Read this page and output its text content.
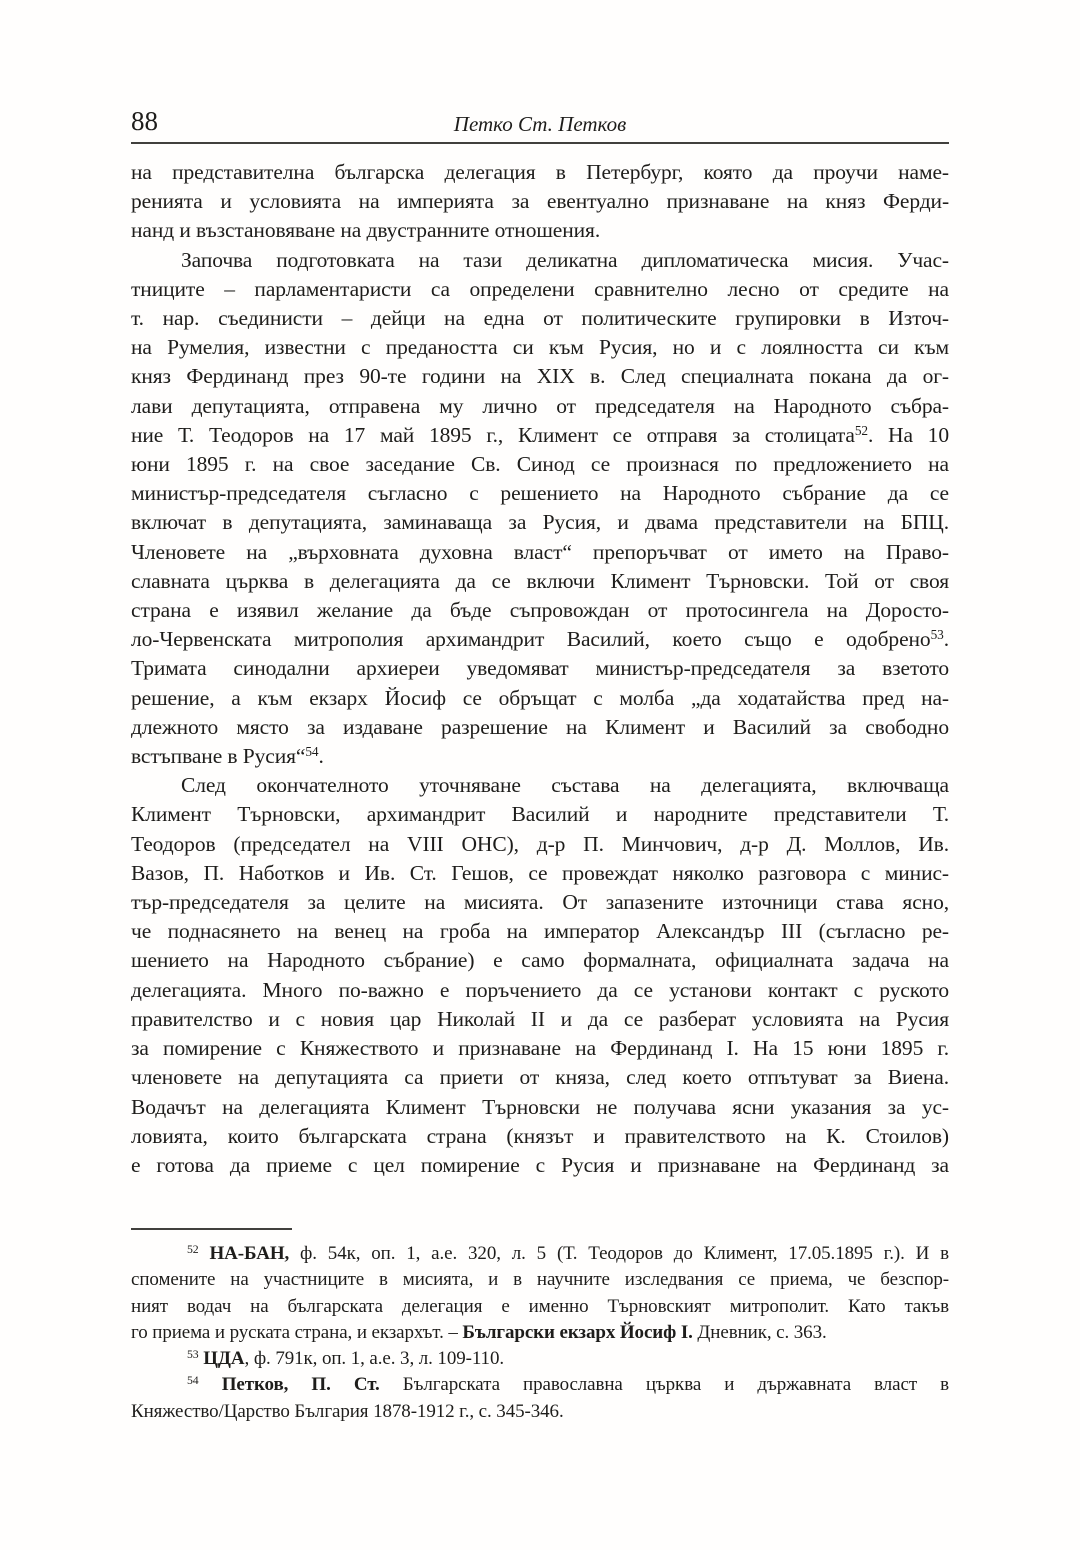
88	Петко Ст. Петков
на представителна българска делегация в Петербург, която да проучи наме-
ренията и условията на империята за евентуално признаване на княз Ферди-
нанд и възстановяване на двустранните отношения.
Започва подготовката на тази деликатна дипломатическа мисия. Учас-
тниците – парламентаристи са определени сравнително лесно от средите на
т. нар. съединисти – дейци на една от политическите групировки в Източ-
на Румелия, известни с предаността си към Русия, но и с лоялността си към
княз Фердинанд през 90-те години на XIX в. След специалната покана да ог-
лави депутацията, отправена му лично от председателя на Народното събра-
ние Т. Теодоров на 17 май 1895 г., Климент се отправя за столицата$^{52}$. На 10
юни 1895 г. на свое заседание Св. Синод се произнася по предложението на
министър-председателя съгласно с решението на Народното събрание да се
включат в депутацията, заминаваща за Русия, и двама представители на БПЦ.
Членовете на „върховната духовна власт“ препоръчват от името на Право-
славната църква в делегацията да се включи Климент Търновски. Той от своя
страна е изявил желание да бъде съпровождан от протосингела на Доросто-
ло-Червенската митрополия архимандрит Василий, което също е одобрено$^{53}$.
Тримата синодални архиереи уведомяват министър-председателя за взетото
решение, а към екзарх Йосиф се обръщат с молба „да ходатайства пред на-
длежното място за издаване разрешение на Климент и Василий за свободно
встъпване в Русия“$^{54}$.
След окончателното уточняване състава на делегацията, включваща
Климент Търновски, архимандрит Василий и народните представители Т.
Теодоров (председател на VIII ОНС), д-р П. Минчович, д-р Д. Моллов, Ив.
Вазов, П. Наботков и Ив. Ст. Гешов, се провеждат няколко разговора с минис-
тър-председателя за целите на мисията. От запазените източници става ясно,
че поднасянето на венец на гроба на император Александър III (съгласно ре-
шението на Народното събрание) е само формалната, официалната задача на
делегацията. Много по-важно е поръчението да се установи контакт с руското
правителство и с новия цар Николай II и да се разберат условията на Русия
за помирение с Княжеството и признаване на Фердинанд I. На 15 юни 1895 г.
членовете на депутацията са приети от княза, след което отпътуват за Виена.
Водачът на делегацията Климент Търновски не получава ясни указания за ус-
ловията, които българската страна (князът и правителството на К. Стоилов)
е готова да приеме с цел помирение с Русия и признаване на Фердинанд за
$^{52}$ НА-БАН, ф. 54к, оп. 1, а.е. 320, л. 5 (Т. Теодоров до Климент, 17.05.1895 г.). И в
спомените на участниците в мисията, и в научните изследвания се приема, че безспор-
ният водач на българската делегация е именно Търновският митрополит. Като такъв
го приема и руската страна, и екзархът. – Български екзарх Йосиф I. Дневник, с. 363.
$^{53}$ ЦДА, ф. 791к, оп. 1, а.е. 3, л. 109-110.
$^{54}$ Петков, П. Ст. Българската православна църква и държавната власт в
Княжество/Царство България 1878-1912 г., с. 345-346.
